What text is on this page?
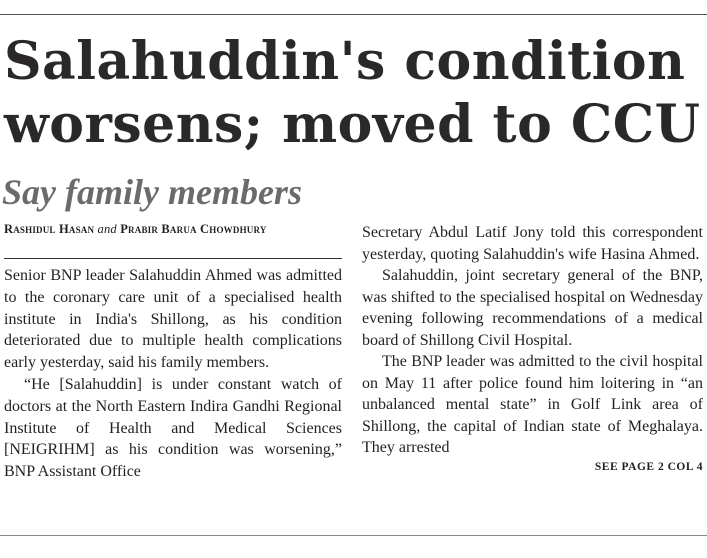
Salahuddin's condition worsens; moved to CCU
Say family members
Rashidul Hasan and Prabir Barua Chowdhury

Senior BNP leader Salahuddin Ahmed was admitted to the coronary care unit of a specialised health institute in India's Shillong, as his condition deteriorated due to multiple health complications early yesterday, said his family members.

“He [Salahuddin] is under constant watch of doctors at the North Eastern Indira Gandhi Regional Institute of Health and Medical Sciences [NEIGRIHM] as his condition was worsening,” BNP Assistant Office

Secretary Abdul Latif Jony told this correspondent yesterday, quoting Salahuddin's wife Hasina Ahmed.

Salahuddin, joint secretary general of the BNP, was shifted to the specialised hospital on Wednesday evening following recommendations of a medical board of Shillong Civil Hospital.

The BNP leader was admitted to the civil hospital on May 11 after police found him loitering in “an unbalanced mental state” in Golf Link area of Shillong, the capital of Indian state of Meghalaya. They arrested

SEE PAGE 2 COL 4
